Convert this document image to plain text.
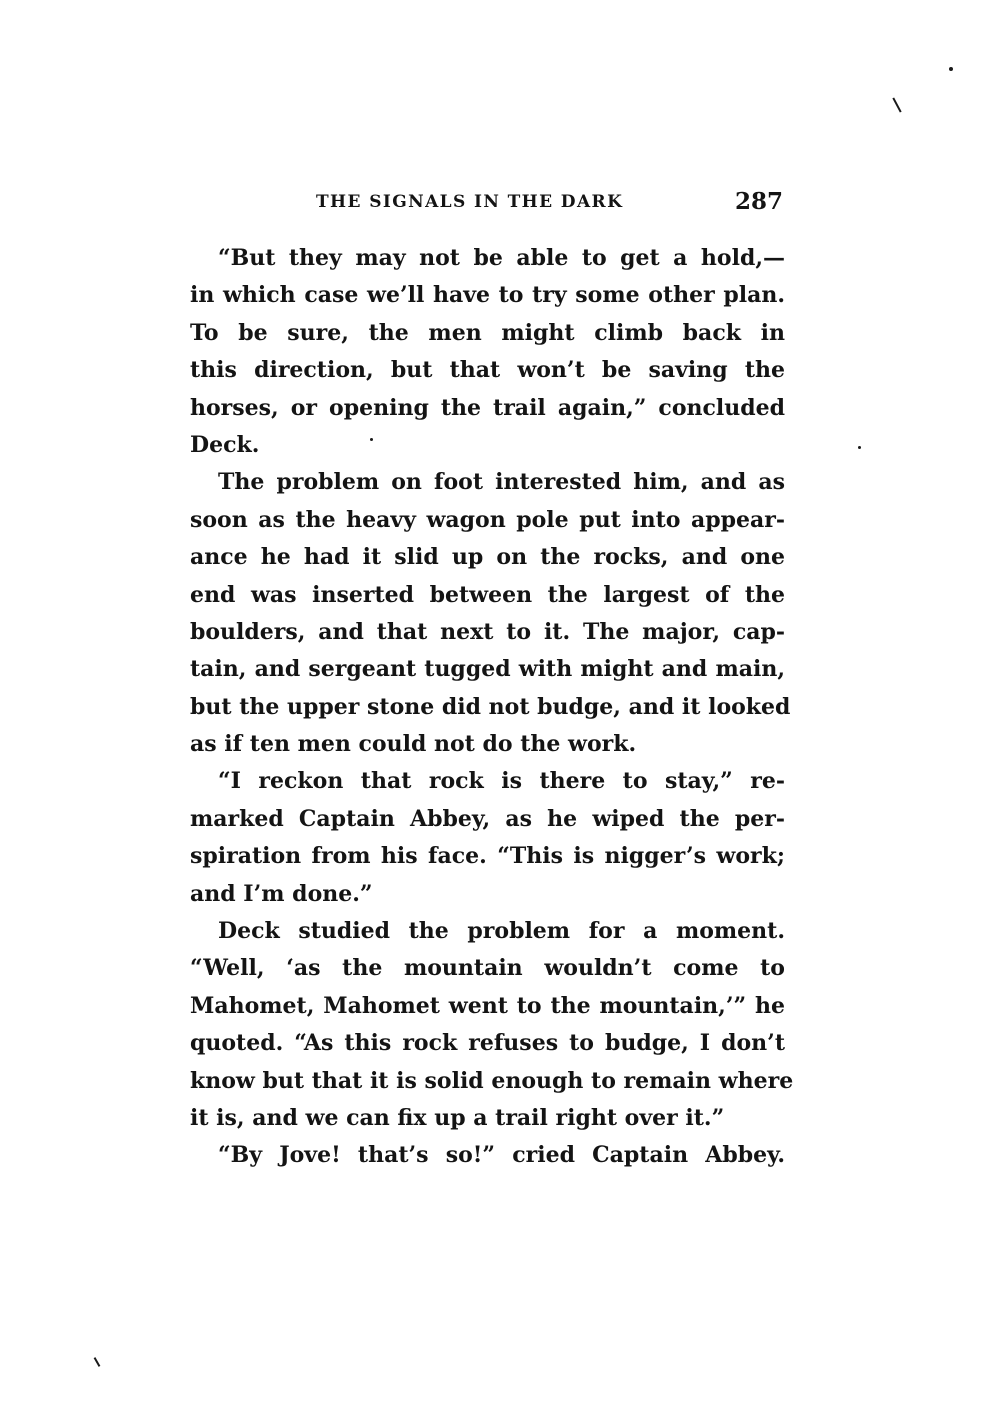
THE SIGNALS IN THE DARK	287
“But they may not be able to get a hold,—
in which case we’ll have to try some other plan.
To be sure, the men might climb back in
this direction, but that won’t be saving the
horses, or opening the trail again,” concluded
Deck.
The problem on foot interested him, and as
soon as the heavy wagon pole put into appear-
ance he had it slid up on the rocks, and one
end was inserted between the largest of the
boulders, and that next to it. The major, cap-
tain, and sergeant tugged with might and main,
but the upper stone did not budge, and it looked
as if ten men could not do the work.
“I reckon that rock is there to stay,” re-
marked Captain Abbey, as he wiped the per-
spiration from his face. “This is nigger’s work;
and I’m done.”
Deck studied the problem for a moment.
“Well, ‘as the mountain wouldn’t come to
Mahomet, Mahomet went to the mountain,’” he
quoted. “As this rock refuses to budge, I don’t
know but that it is solid enough to remain where
it is, and we can fix up a trail right over it.”
“By Jove! that’s so!” cried Captain Abbey.
